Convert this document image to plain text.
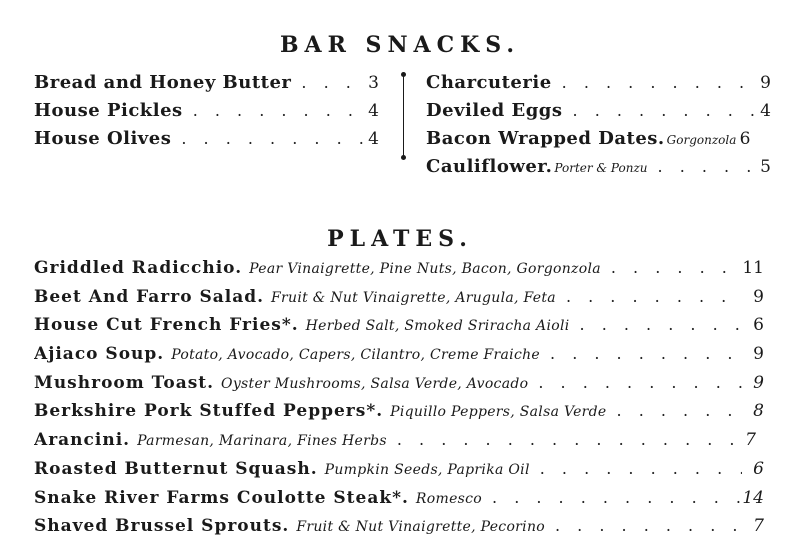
BAR SNACKS.
Bread and Honey Butter . . .	3
House Pickles . . .	4
House Olives . . .	4
Charcuterie . . .	9
Deviled Eggs . . .	4
Bacon Wrapped Dates. Gorgonzola 6
Cauliflower. Porter & Ponzu . . .	5
PLATES.
Griddled Radicchio. Pear Vinaigrette, Pine Nuts, Bacon, Gorgonzola . . .	11
Beet And Farro Salad. Fruit & Nut Vinaigrette, Arugula, Feta . . .	9
House Cut French Fries*. Herbed Salt, Smoked Sriracha Aioli . . .	6
Ajiaco Soup. Potato, Avocado, Capers, Cilantro, Creme Fraiche . . .	9
Mushroom Toast. Oyster Mushrooms, Salsa Verde, Avocado . . .	9
Berkshire Pork Stuffed Peppers*. Piquillo Peppers, Salsa Verde . . .	8
Arancini. Parmesan, Marinara, Fines Herbs . . .	7
Roasted Butternut Squash. Pumpkin Seeds, Paprika Oil . . .	6
Snake River Farms Coulotte Steak*. Romesco . . .	14
Shaved Brussel Sprouts. Fruit & Nut Vinaigrette, Pecorino . . .	7
